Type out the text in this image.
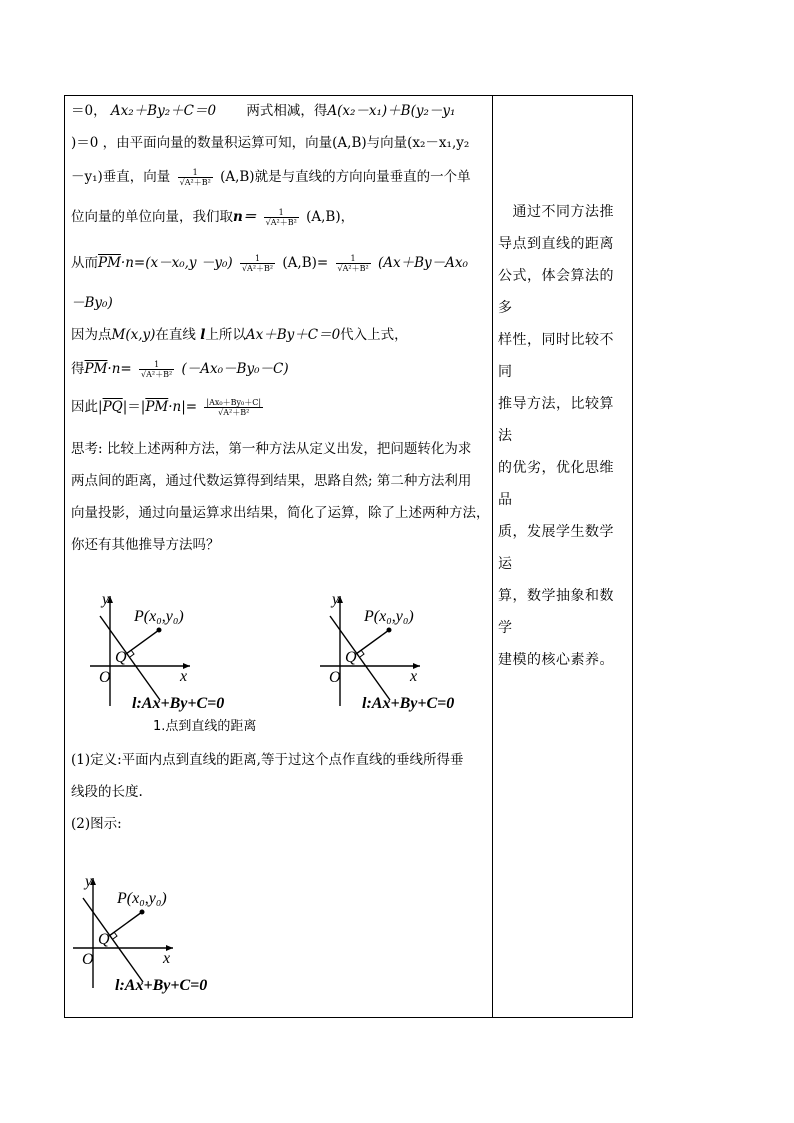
＝0， Ax₂＋By₂＋C＝0 两式相减，得A(x₂－x₁)＋B(y₂－y₁
)＝0 ，由平面向量的数量积运算可知，向量(A,B)与向量(x₂－x₁,y₂
－y₁)垂直，向量 $\frac{1}{\text{√A²＋B²}} (A,B)$就是与直线的方向向量垂直的一个单
位向量的单位向量，我们取$n= \frac{1}{\text{√A²＋B²}} (A,B)$，
从而$\overline{PM}\cdot n=(x-x_0,y -y_0) \frac{1}{\text{√A²＋B²}} (A,B)= \frac{1}{\text{√A²＋B²}} (Ax+By-Ax_0$
－By₀)
因为点M(x,y)在直线 l上所以Ax＋By＋C＝0代入上式，
得$\overline{PM}\cdot n= \frac{1}{\text{√A²＋B²}} (-Ax_0-By_0-C)$
因此$|\overline{PQ}|=|\overline{PM}\cdot n|= \frac{\text{|Ax₀＋By₀＋C|}}{\text{√A²＋B²}}$
思考: 比较上述两种方法，第一种方法从定义出发，把问题转化为求
两点间的距离，通过代数运算得到结果，思路自然; 第二种方法利用
向量投影，通过向量运算求出结果，简化了运算，除了上述两种方法，
你还有其他推导方法吗？
1.点到直线的距离
(1)定义:平面内点到直线的距离,等于过这个点作直线的垂线所得垂
线段的长度.
(2)图示:

　通过不同方法推

导点到直线的距离

公式，体会算法的多

样性，同时比较不同

推导方法，比较算法

的优劣，优化思维品

质，发展学生数学运

算，数学抽象和数学

建模的核心素养。

y
x
O
Q
P(x₀,y₀)
l:Ax+By+C=0
y
x
O
Q
P(x₀,y₀)
l:Ax+By+C=0
y
x
O
Q
P(x₀,y₀)
l:Ax+By+C=0
